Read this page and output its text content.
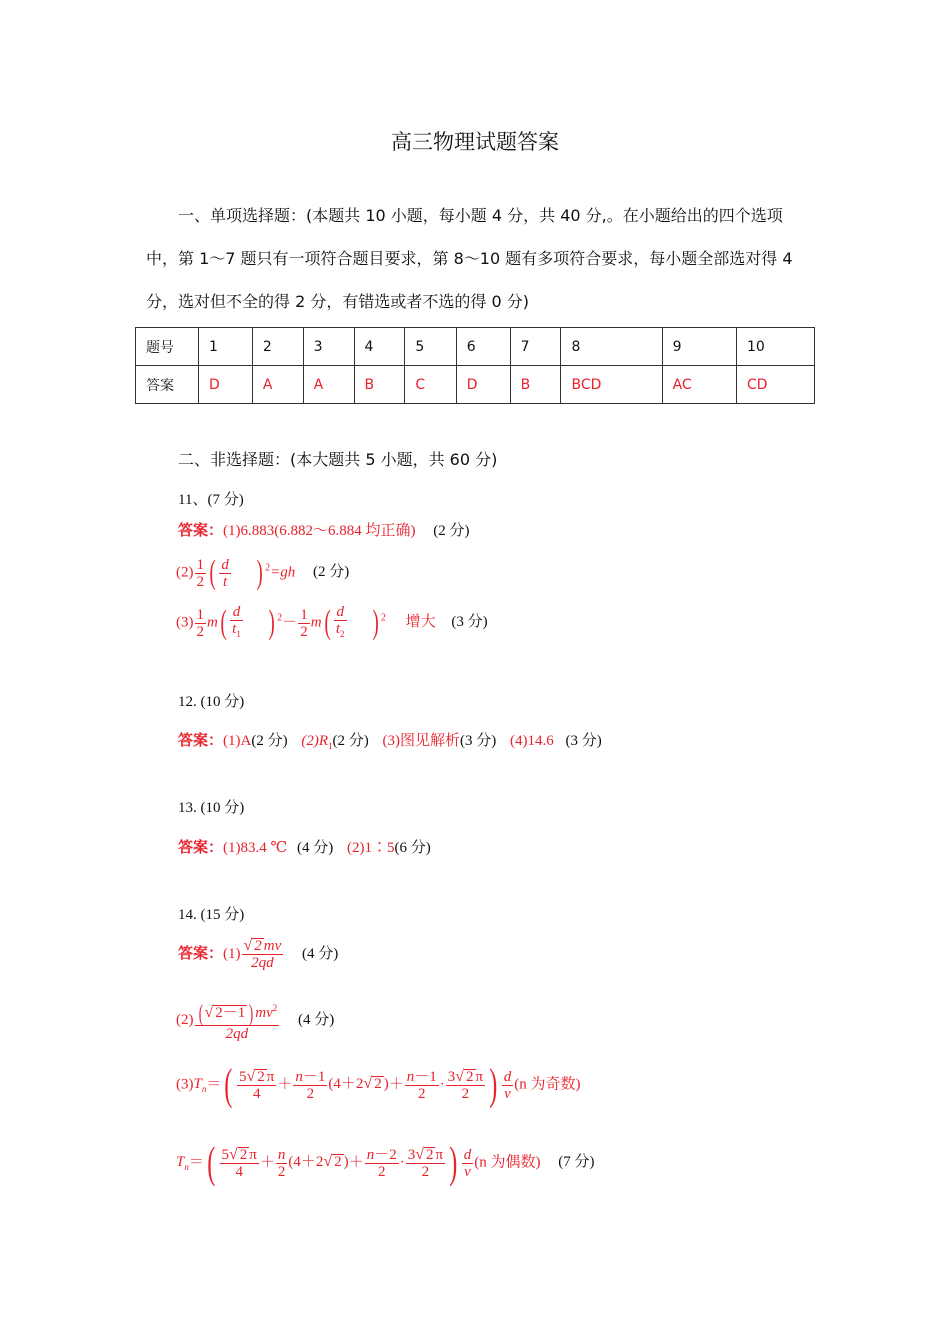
高三物理试题答案
一、单项选择题：(本题共 10 小题，每小题 4 分，共 40 分,。在小题给出的四个选项
中，第 1～7 题只有一项符合题目要求，第 8～10 题有多项符合要求，每小题全部选对得 4
分，选对但不全的得 2 分，有错选或者不选的得 0 分)
题号	1	2	3	4	5	6	7	8	9	10
答案	D	A	A	B	C	D	B	BCD	AC	CD
二、非选择题：(本大题共 5 小题，共 60 分)
11、(7 分)
答案：(1)6.883(6.882～6.884 均正确) (2 分)
$(2) \frac{1}{2}$ ( $\frac{d}{t}$ ) $^2$=gh (2 分)
$(3) \frac{1}{2} m( \frac{d}{t_1}$ ) $^2- \frac{1}{2} m( \frac{d}{t_2}$ ) $^2$ 增大 (3 分)
12. (10 分)
答案：(1)A(2 分) $(2)R_1(2$ 分) (3)图见解析(3 分) (4)14.6 (3 分)
13. (10 分)
答案：(1)83.4 ℃ (4 分) (2)1∶5(6 分)
14. (15 分)
答案：$(1) \frac{√ 2 mv}{2qd} (4$ 分)
$(2) \frac{( √ 2-1 ) mv^2}{2qd} (4$ 分)
$(3)T_n=( \frac{5√ 2 \pi}{4} + \frac{n-1}{2} (4+2√$ 2 )＋ $\frac{n-1}{2} \cdot \frac{3√ 2 \pi}{2}$ ) $\frac{d}{v} (n$ 为奇数)
$T_n=( \frac{5√ 2 \pi}{4} + \frac{n}{2} (4+2√$ 2 )＋ $\frac{n-2}{2} \cdot \frac{3√ 2 \pi}{2}$ ) $\frac{d}{v} (n$ 为偶数) (7 分)
